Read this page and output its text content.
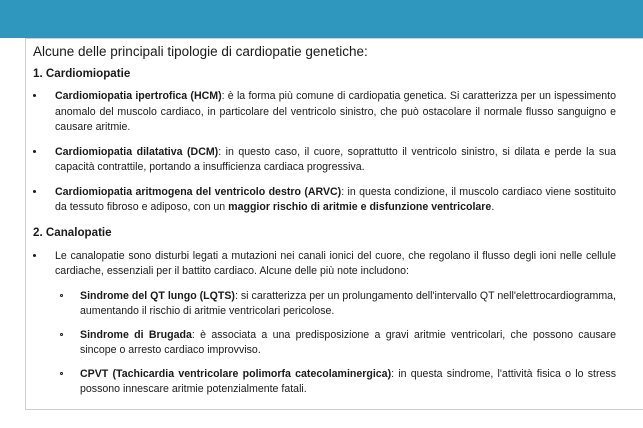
Alcune delle principali tipologie di cardiopatie genetiche:

1. Cardiomiopatie

Cardiomiopatia ipertrofica (HCM): è la forma più comune di cardiopatia genetica. Si caratterizza per un ispessimento anomalo del muscolo cardiaco, in particolare del ventricolo sinistro, che può ostacolare il normale flusso sanguigno e causare aritmie.
Cardiomiopatia dilatativa (DCM): in questo caso, il cuore, soprattutto il ventricolo sinistro, si dilata e perde la sua capacità contrattile, portando a insufficienza cardiaca progressiva.
Cardiomiopatia aritmogena del ventricolo destro (ARVC): in questa condizione, il muscolo cardiaco viene sostituito da tessuto fibroso e adiposo, con un maggior rischio di aritmie e disfunzione ventricolare.

2. Canalopatie

Le canalopatie sono disturbi legati a mutazioni nei canali ionici del cuore, che regolano il flusso degli ioni nelle cellule cardiache, essenziali per il battito cardiaco. Alcune delle più note includono:
Sindrome del QT lungo (LQTS): si caratterizza per un prolungamento dell'intervallo QT nell'elettrocardiogramma, aumentando il rischio di aritmie ventricolari pericolose.
Sindrome di Brugada: è associata a una predisposizione a gravi aritmie ventricolari, che possono causare sincope o arresto cardiaco improvviso.
CPVT (Tachicardia ventricolare polimorfa catecolaminergica): in questa sindrome, l'attività fisica o lo stress possono innescare aritmie potenzialmente fatali.
